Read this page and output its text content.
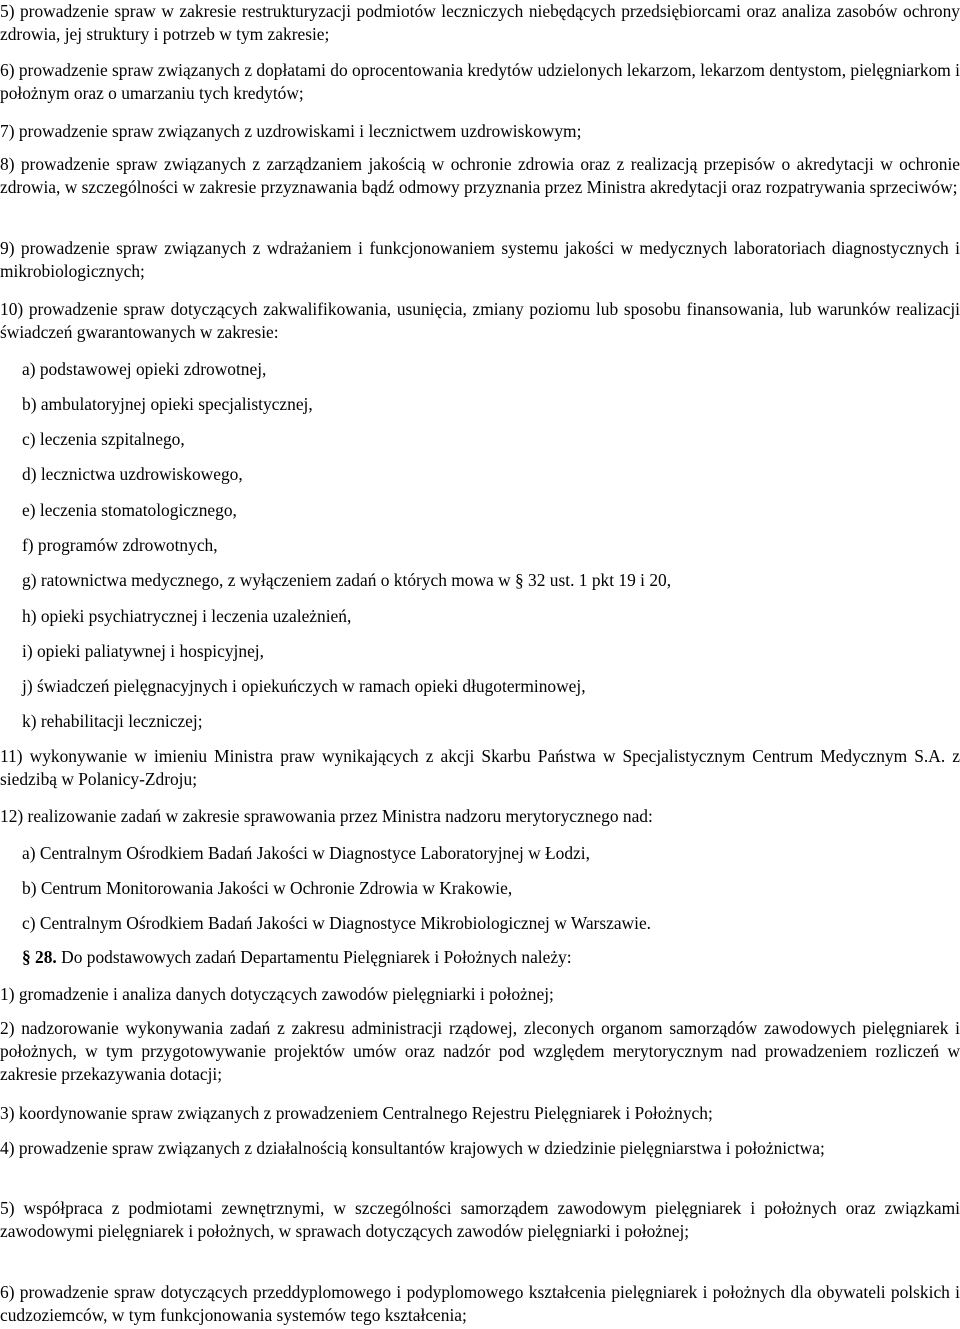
5) prowadzenie spraw w zakresie restrukturyzacji podmiotów leczniczych niebędących przedsiębiorcami oraz analiza zasobów ochrony zdrowia, jej struktury i potrzeb w tym zakresie;

6) prowadzenie spraw związanych z dopłatami do oprocentowania kredytów udzielonych lekarzom, lekarzom dentystom, pielęgniarkom i położnym oraz o umarzaniu tych kredytów;

7) prowadzenie spraw związanych z uzdrowiskami i lecznictwem uzdrowiskowym;

8) prowadzenie spraw związanych z zarządzaniem jakością w ochronie zdrowia oraz z realizacją przepisów o akredytacji w ochronie zdrowia, w szczególności w zakresie przyznawania bądź odmowy przyznania przez Ministra akredytacji oraz rozpatrywania sprzeciwów;

9) prowadzenie spraw związanych z wdrażaniem i funkcjonowaniem systemu jakości w medycznych laboratoriach diagnostycznych i mikrobiologicznych;

10) prowadzenie spraw dotyczących zakwalifikowania, usunięcia, zmiany poziomu lub sposobu finansowania, lub warunków realizacji świadczeń gwarantowanych w zakresie:

a) podstawowej opieki zdrowotnej,

b) ambulatoryjnej opieki specjalistycznej,

c) leczenia szpitalnego,

d) lecznictwa uzdrowiskowego,

e) leczenia stomatologicznego,

f) programów zdrowotnych,

g) ratownictwa medycznego, z wyłączeniem zadań o których mowa w § 32 ust. 1 pkt 19 i 20,

h) opieki psychiatrycznej i leczenia uzależnień,

i) opieki paliatywnej i hospicyjnej,

j) świadczeń pielęgnacyjnych i opiekuńczych w ramach opieki długoterminowej,

k) rehabilitacji leczniczej;

11) wykonywanie w imieniu Ministra praw wynikających z akcji Skarbu Państwa w Specjalistycznym Centrum Medycznym S.A. z siedzibą w Polanicy-Zdroju;

12) realizowanie zadań w zakresie sprawowania przez Ministra nadzoru merytorycznego nad:

a) Centralnym Ośrodkiem Badań Jakości w Diagnostyce Laboratoryjnej w Łodzi,

b) Centrum Monitorowania Jakości w Ochronie Zdrowia w Krakowie,

c) Centralnym Ośrodkiem Badań Jakości w Diagnostyce Mikrobiologicznej w Warszawie.

§ 28. Do podstawowych zadań Departamentu Pielęgniarek i Położnych należy:

1) gromadzenie i analiza danych dotyczących zawodów pielęgniarki i położnej;

2) nadzorowanie wykonywania zadań z zakresu administracji rządowej, zleconych organom samorządów zawodowych pielęgniarek i położnych, w tym przygotowywanie projektów umów oraz nadzór pod względem merytorycznym nad prowadzeniem rozliczeń w zakresie przekazywania dotacji;

3) koordynowanie spraw związanych z prowadzeniem Centralnego Rejestru Pielęgniarek i Położnych;

4) prowadzenie spraw związanych z działalnością konsultantów krajowych w dziedzinie pielęgniarstwa i położnictwa;

5) współpraca z podmiotami zewnętrznymi, w szczególności samorządem zawodowym pielęgniarek i położnych oraz związkami zawodowymi pielęgniarek i położnych, w sprawach dotyczących zawodów pielęgniarki i położnej;

6) prowadzenie spraw dotyczących przeddyplomowego i podyplomowego kształcenia pielęgniarek i położnych dla obywateli polskich i cudzoziemców, w tym funkcjonowania systemów tego kształcenia;
